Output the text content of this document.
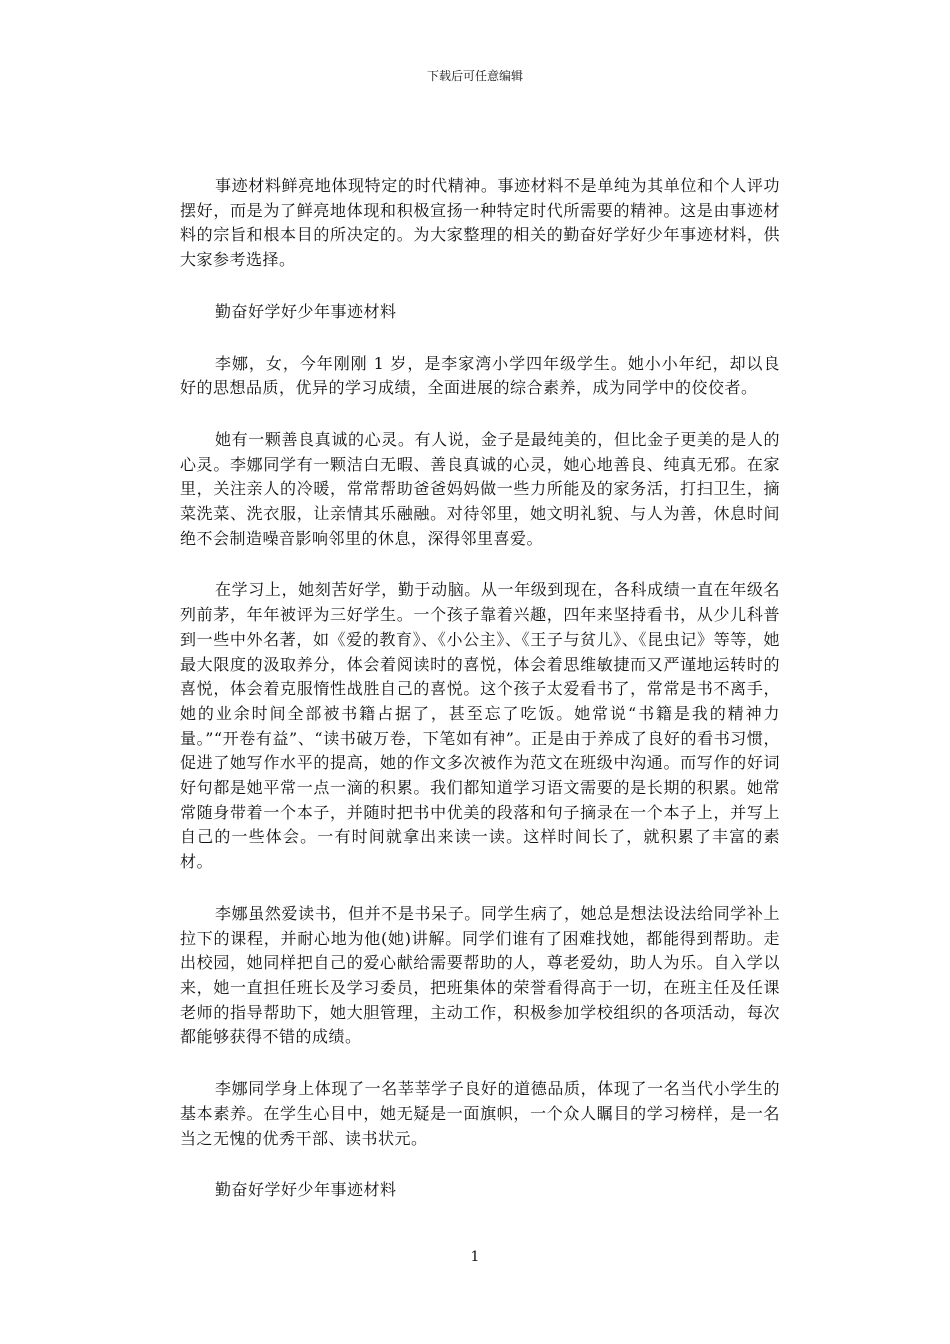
下载后可任意编辑

事迹材料鲜亮地体现特定的时代精神。事迹材料不是单纯为其单位和个人评功摆好，而是为了鲜亮地体现和积极宣扬一种特定时代所需要的精神。这是由事迹材料的宗旨和根本目的所决定的。为大家整理的相关的勤奋好学好少年事迹材料，供大家参考选择。

勤奋好学好少年事迹材料

李娜，女，今年刚刚 1 岁，是李家湾小学四年级学生。她小小年纪，却以良好的思想品质，优异的学习成绩，全面进展的综合素养，成为同学中的佼佼者。

她有一颗善良真诚的心灵。有人说，金子是最纯美的，但比金子更美的是人的心灵。李娜同学有一颗洁白无暇、善良真诚的心灵，她心地善良、纯真无邪。在家里，关注亲人的冷暖，常常帮助爸爸妈妈做一些力所能及的家务活，打扫卫生，摘菜洗菜、洗衣服，让亲情其乐融融。对待邻里，她文明礼貌、与人为善，休息时间绝不会制造噪音影响邻里的休息，深得邻里喜爱。

在学习上，她刻苦好学，勤于动脑。从一年级到现在，各科成绩一直在年级名列前茅，年年被评为三好学生。一个孩子靠着兴趣，四年来坚持看书，从少儿科普到一些中外名著，如《爱的教育》、《小公主》、《王子与贫儿》、《昆虫记》等等，她最大限度的汲取养分，体会着阅读时的喜悦，体会着思维敏捷而又严谨地运转时的喜悦，体会着克服惰性战胜自己的喜悦。这个孩子太爱看书了，常常是书不离手，她的业余时间全部被书籍占据了，甚至忘了吃饭。她常说“书籍是我的精神力量。”“开卷有益”、“读书破万卷，下笔如有神”。正是由于养成了良好的看书习惯，促进了她写作水平的提高，她的作文多次被作为范文在班级中沟通。而写作的好词好句都是她平常一点一滴的积累。我们都知道学习语文需要的是长期的积累。她常常随身带着一个本子，并随时把书中优美的段落和句子摘录在一个本子上，并写上自己的一些体会。一有时间就拿出来读一读。这样时间长了，就积累了丰富的素材。

李娜虽然爱读书，但并不是书呆子。同学生病了，她总是想法设法给同学补上拉下的课程，并耐心地为他(她)讲解。同学们谁有了困难找她，都能得到帮助。走出校园，她同样把自己的爱心献给需要帮助的人，尊老爱幼，助人为乐。自入学以来，她一直担任班长及学习委员，把班集体的荣誉看得高于一切，在班主任及任课老师的指导帮助下，她大胆管理，主动工作，积极参加学校组织的各项活动，每次都能够获得不错的成绩。

李娜同学身上体现了一名莘莘学子良好的道德品质，体现了一名当代小学生的基本素养。在学生心目中，她无疑是一面旗帜，一个众人瞩目的学习榜样，是一名当之无愧的优秀干部、读书状元。

勤奋好学好少年事迹材料

1
